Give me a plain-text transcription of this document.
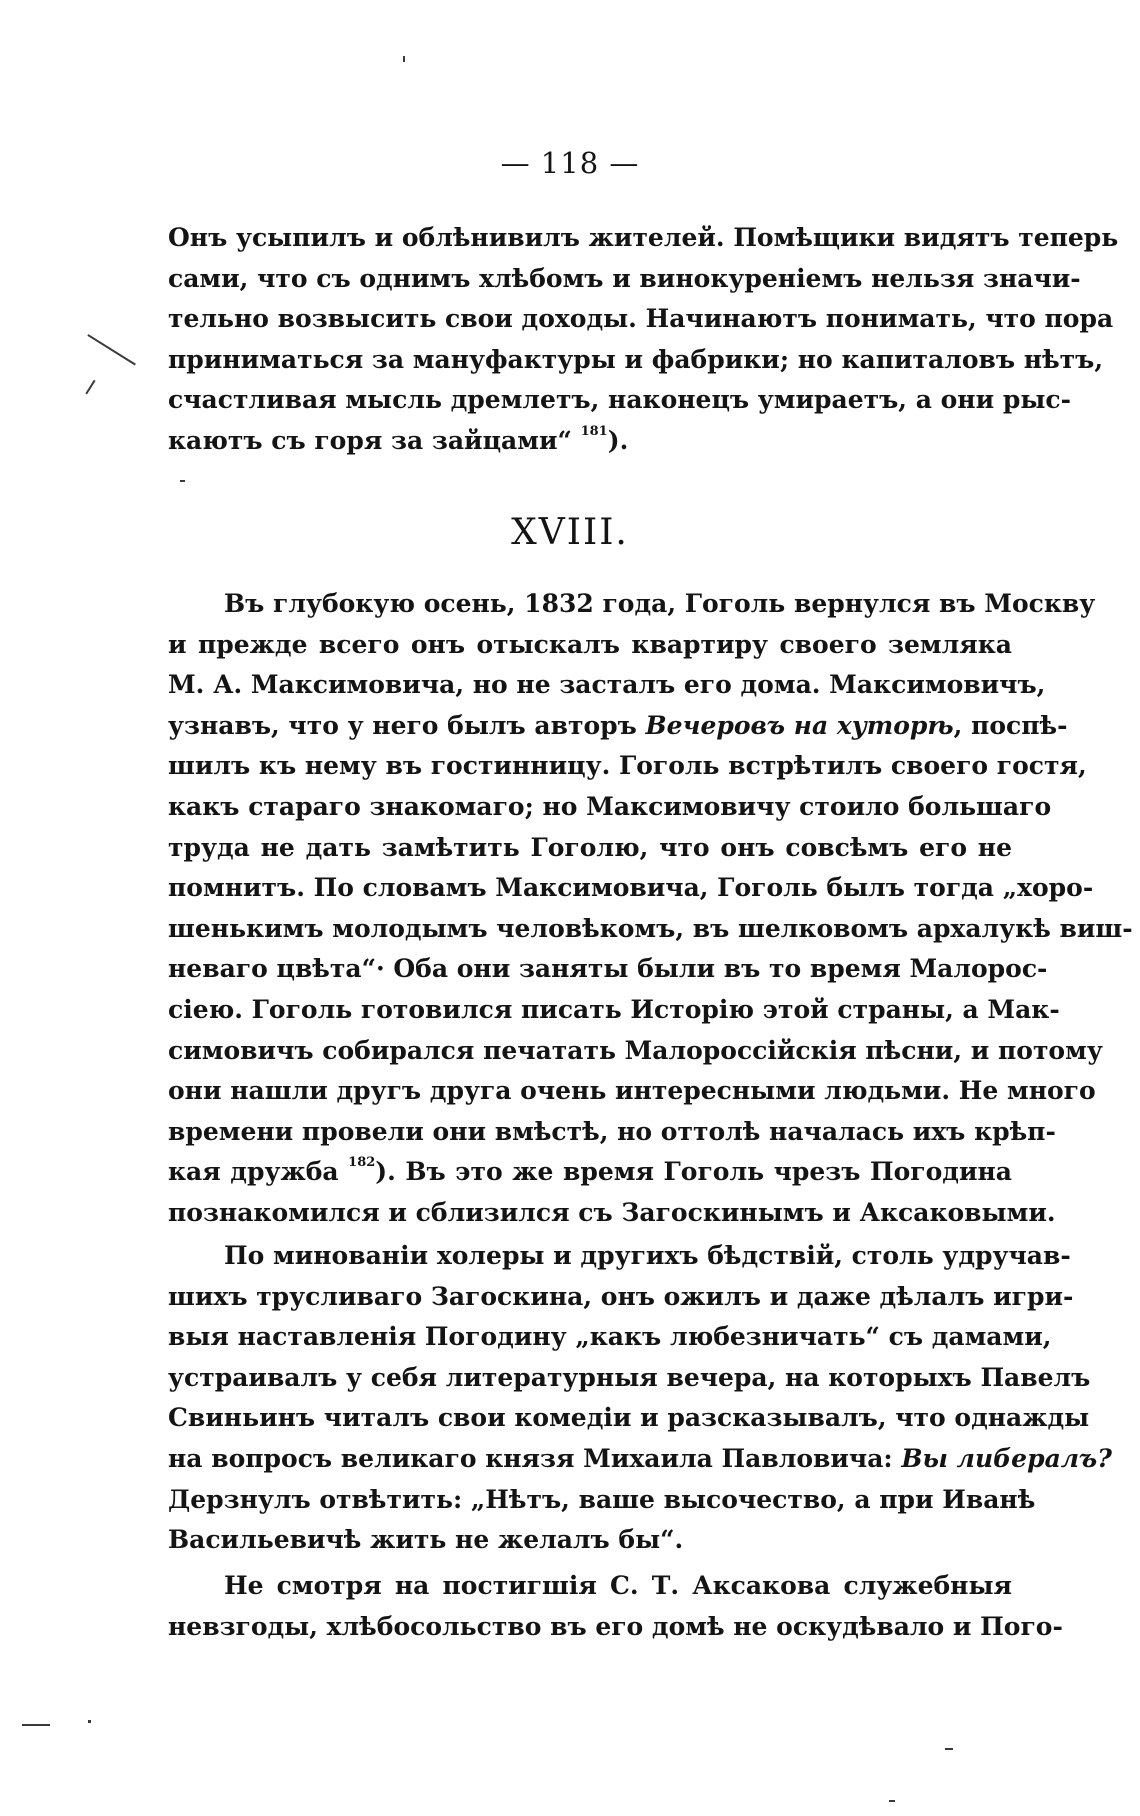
— 118 —
Онъ усыпилъ и облѣнивилъ жителей. Помѣщики видятъ теперь
сами, что съ однимъ хлѣбомъ и винокуреніемъ нельзя значи-
тельно возвысить свои доходы. Начинаютъ понимать, что пора
приниматься за мануфактуры и фабрики; но капиталовъ нѣтъ,
счастливая мысль дремлетъ, наконецъ умираетъ, а они рыс-
каютъ съ горя за зайцами“ $^{181}$).
XVIII.
Въ глубокую осень, 1832 года, Гоголь вернулся въ Москву
и прежде всего онъ отыскалъ квартиру своего земляка
М. А. Максимовича, но не засталъ его дома. Максимовичъ,
узнавъ, что у него былъ авторъ Вечеровъ на хуторѣ, поспѣ-
шилъ къ нему въ гостинницу. Гоголь встрѣтилъ своего гостя,
какъ стараго знакомаго; но Максимовичу стоило большаго
труда не дать замѣтить Гоголю, что онъ совсѣмъ его не
помнитъ. По словамъ Максимовича, Гоголь былъ тогда „хоро-
шенькимъ молодымъ человѣкомъ, въ шелковомъ архалукѣ виш-
неваго цвѣта“· Оба они заняты были въ то время Малорос-
сіею. Гоголь готовился писать Исторію этой страны, а Мак-
симовичъ собирался печатать Малороссійскія пѣсни, и потому
они нашли другъ друга очень интересными людьми. Не много
времени провели они вмѣстѣ, но оттолѣ началась ихъ крѣп-
кая дружба $^{182}$). Въ это же время Гоголь чрезъ Погодина
познакомился и сблизился съ Загоскинымъ и Аксаковыми.
По минованіи холеры и другихъ бѣдствій, столь удручав-
шихъ трусливаго Загоскина, онъ ожилъ и даже дѣлалъ игри-
выя наставленія Погодину „какъ любезничать“ съ дамами,
устраивалъ у себя литературныя вечера, на которыхъ Павелъ
Свиньинъ читалъ свои комедіи и разсказывалъ, что однажды
на вопросъ великаго князя Михаила Павловича: Вы либералъ?
Дерзнулъ отвѣтить: „Нѣтъ, ваше высочество, а при Иванѣ
Васильевичѣ жить не желалъ бы“.
Не смотря на постигшія С. Т. Аксакова служебныя
невзгоды, хлѣбосольство въ его домѣ не оскудѣвало и Пого-
